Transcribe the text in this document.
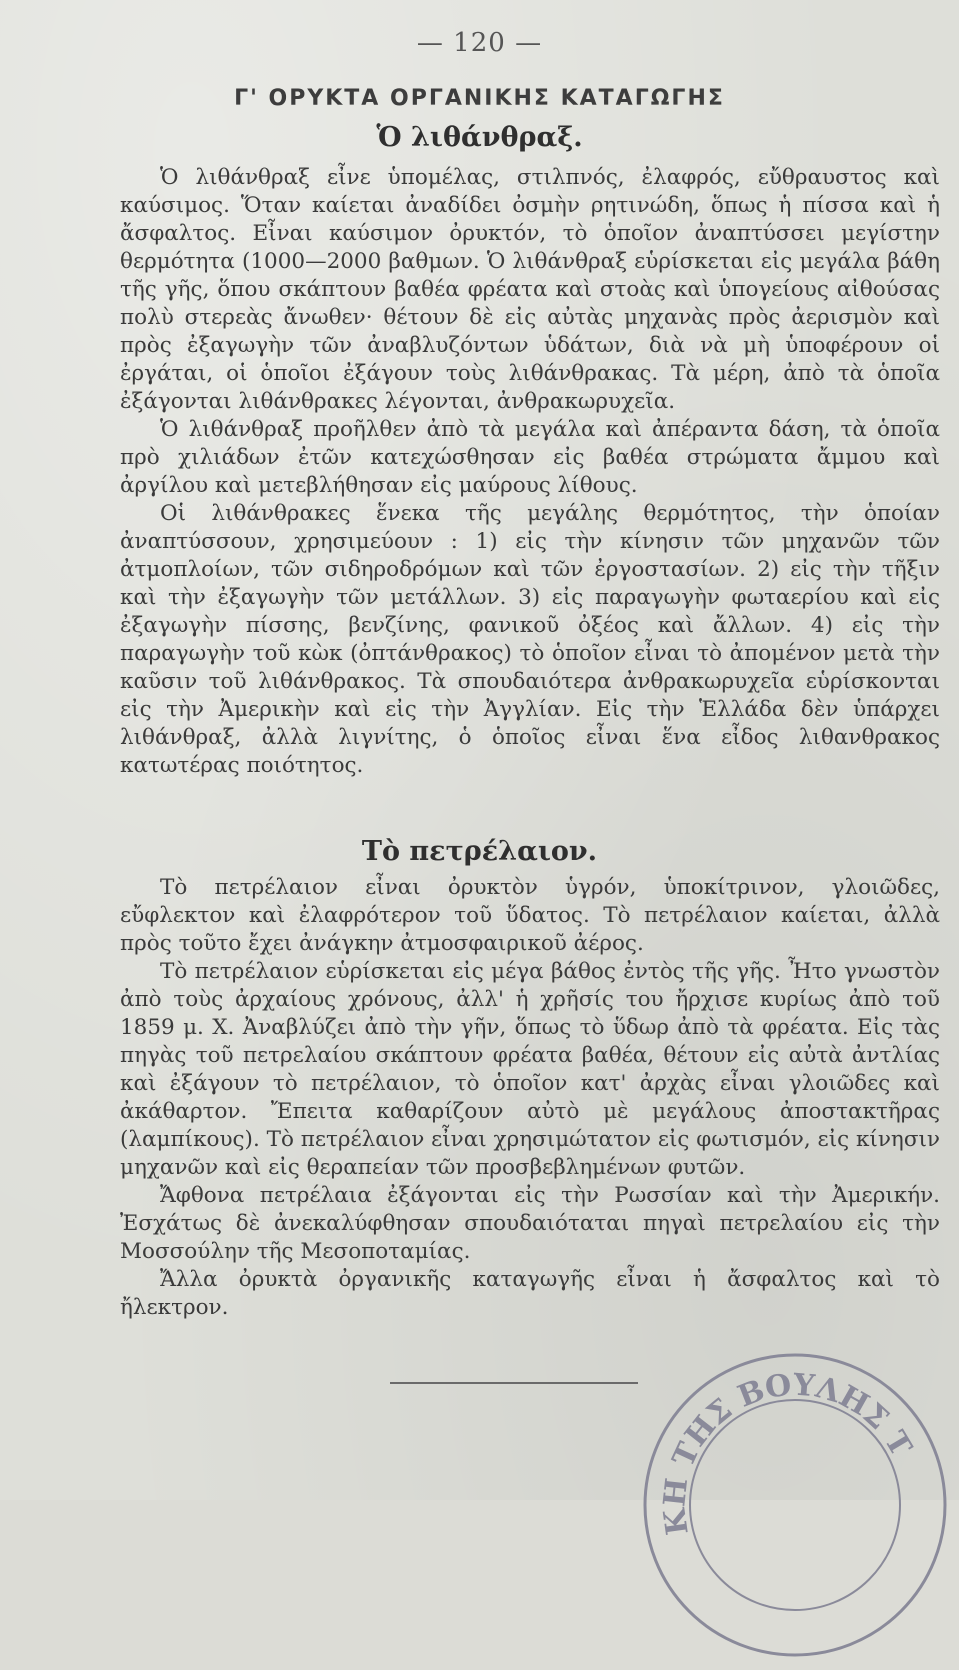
— 120 —
Γ' ΟΡΥΚΤΑ ΟΡΓΑΝΙΚΗΣ ΚΑΤΑΓΩΓΗΣ
Ὁ λιθάνθραξ.

Ὁ λιθάνθραξ εἶνε ὑπομέλας, στιλπνός, ἐλαφρός, εὔθραυστος καὶ καύσιμος. Ὅταν καίεται ἀναδίδει ὀσμὴν ρητινώδη, ὅπως ἡ πίσσα καὶ ἡ ἄσφαλτος. Εἶναι καύσιμον ὀρυκτόν, τὸ ὁποῖον ἀναπτύσσει μεγίστην θερμότητα (1000—2000 βαθμων. Ὁ λιθάνθραξ εὑρίσκεται εἰς μεγάλα βάθη τῆς γῆς, ὅπου σκάπτουν βαθέα φρέατα καὶ στοὰς καὶ ὑπογείους αἰθούσας πολὺ στερεὰς ἄνωθεν· θέτουν δὲ εἰς αὐτὰς μηχανὰς πρὸς ἀερισμὸν καὶ πρὸς ἐξαγωγὴν τῶν ἀναβλυζόντων ὑδάτων, διὰ νὰ μὴ ὑποφέρουν οἱ ἐργάται, οἱ ὁποῖοι ἐξάγουν τοὺς λιθάνθρακας. Τὰ μέρη, ἀπὸ τὰ ὁποῖα ἐξάγονται λιθάνθρακες λέγονται, ἀνθρακωρυχεῖα.

Ὁ λιθάνθραξ προῆλθεν ἀπὸ τὰ μεγάλα καὶ ἀπέραντα δάση, τὰ ὁποῖα πρὸ χιλιάδων ἐτῶν κατεχώσθησαν εἰς βαθέα στρώματα ἄμμου καὶ ἀργίλου καὶ μετεβλήθησαν εἰς μαύρους λίθους.

Οἱ λιθάνθρακες ἕνεκα τῆς μεγάλης θερμότητος, τὴν ὁποίαν ἀναπτύσσουν, χρησιμεύουν : 1) εἰς τὴν κίνησιν τῶν μηχανῶν τῶν ἀτμοπλοίων, τῶν σιδηροδρόμων καὶ τῶν ἐργοστασίων. 2) εἰς τὴν τῆξιν καὶ τὴν ἐξαγωγὴν τῶν μετάλλων. 3) εἰς παραγωγὴν φωταερίου καὶ εἰς ἐξαγωγὴν πίσσης, βενζίνης, φανικοῦ ὀξέος καὶ ἄλλων. 4) εἰς τὴν παραγωγὴν τοῦ κὼκ (ὀπτάνθρακος) τὸ ὁποῖον εἶναι τὸ ἀπομένον μετὰ τὴν καῦσιν τοῦ λιθάνθρακος. Τὰ σπουδαιότερα ἀνθρακωρυχεῖα εὑρίσκονται εἰς τὴν Ἀμερικὴν καὶ εἰς τὴν Ἀγγλίαν. Εἰς τὴν Ἑλλάδα δὲν ὑπάρχει λιθάνθραξ, ἀλλὰ λιγνίτης, ὁ ὁποῖος εἶναι ἕνα εἶδος λιθανθρακος κατωτέρας ποιότητος.

Τὸ πετρέλαιον.

Τὸ πετρέλαιον εἶναι ὀρυκτὸν ὑγρόν, ὑποκίτρινον, γλοιῶδες, εὔφλεκτον καὶ ἐλαφρότερον τοῦ ὕδατος. Τὸ πετρέλαιον καίεται, ἀλλὰ πρὸς τοῦτο ἔχει ἀνάγκην ἀτμοσφαιρικοῦ ἀέρος.

Τὸ πετρέλαιον εὑρίσκεται εἰς μέγα βάθος ἐντὸς τῆς γῆς. Ἦτο γνωστὸν ἀπὸ τοὺς ἀρχαίους χρόνους, ἀλλ' ἡ χρῆσίς του ἤρχισε κυρίως ἀπὸ τοῦ 1859 μ. Χ. Ἀναβλύζει ἀπὸ τὴν γῆν, ὅπως τὸ ὕδωρ ἀπὸ τὰ φρέατα. Εἰς τὰς πηγὰς τοῦ πετρελαίου σκάπτουν φρέατα βαθέα, θέτουν εἰς αὐτὰ ἀντλίας καὶ ἐξάγουν τὸ πετρέλαιον, τὸ ὁποῖον κατ' ἀρχὰς εἶναι γλοιῶδες καὶ ἀκάθαρτον. Ἔπειτα καθαρίζουν αὐτὸ μὲ μεγάλους ἀποστακτῆρας (λαμπίκους). Τὸ πετρέλαιον εἶναι χρησιμώτατον εἰς φωτισμόν, εἰς κίνησιν μηχανῶν καὶ εἰς θεραπείαν τῶν προσβεβλημένων φυτῶν.

Ἄφθονα πετρέλαια ἐξάγονται εἰς τὴν Ρωσσίαν καὶ τὴν Ἀμερικήν. Ἐσχάτως δὲ ἀνεκαλύφθησαν σπουδαιόταται πηγαὶ πετρελαίου εἰς τὴν Μοσσούλην τῆς Μεσοποταμίας.

Ἄλλα ὀρυκτὰ ὀργανικῆς καταγωγῆς εἶναι ἡ ἄσφαλτος καὶ τὸ ἤλεκτρον.

ΘΗΚΗ ΤΗΣ ΒΟΥΛΗΣ ΤΩΝ
